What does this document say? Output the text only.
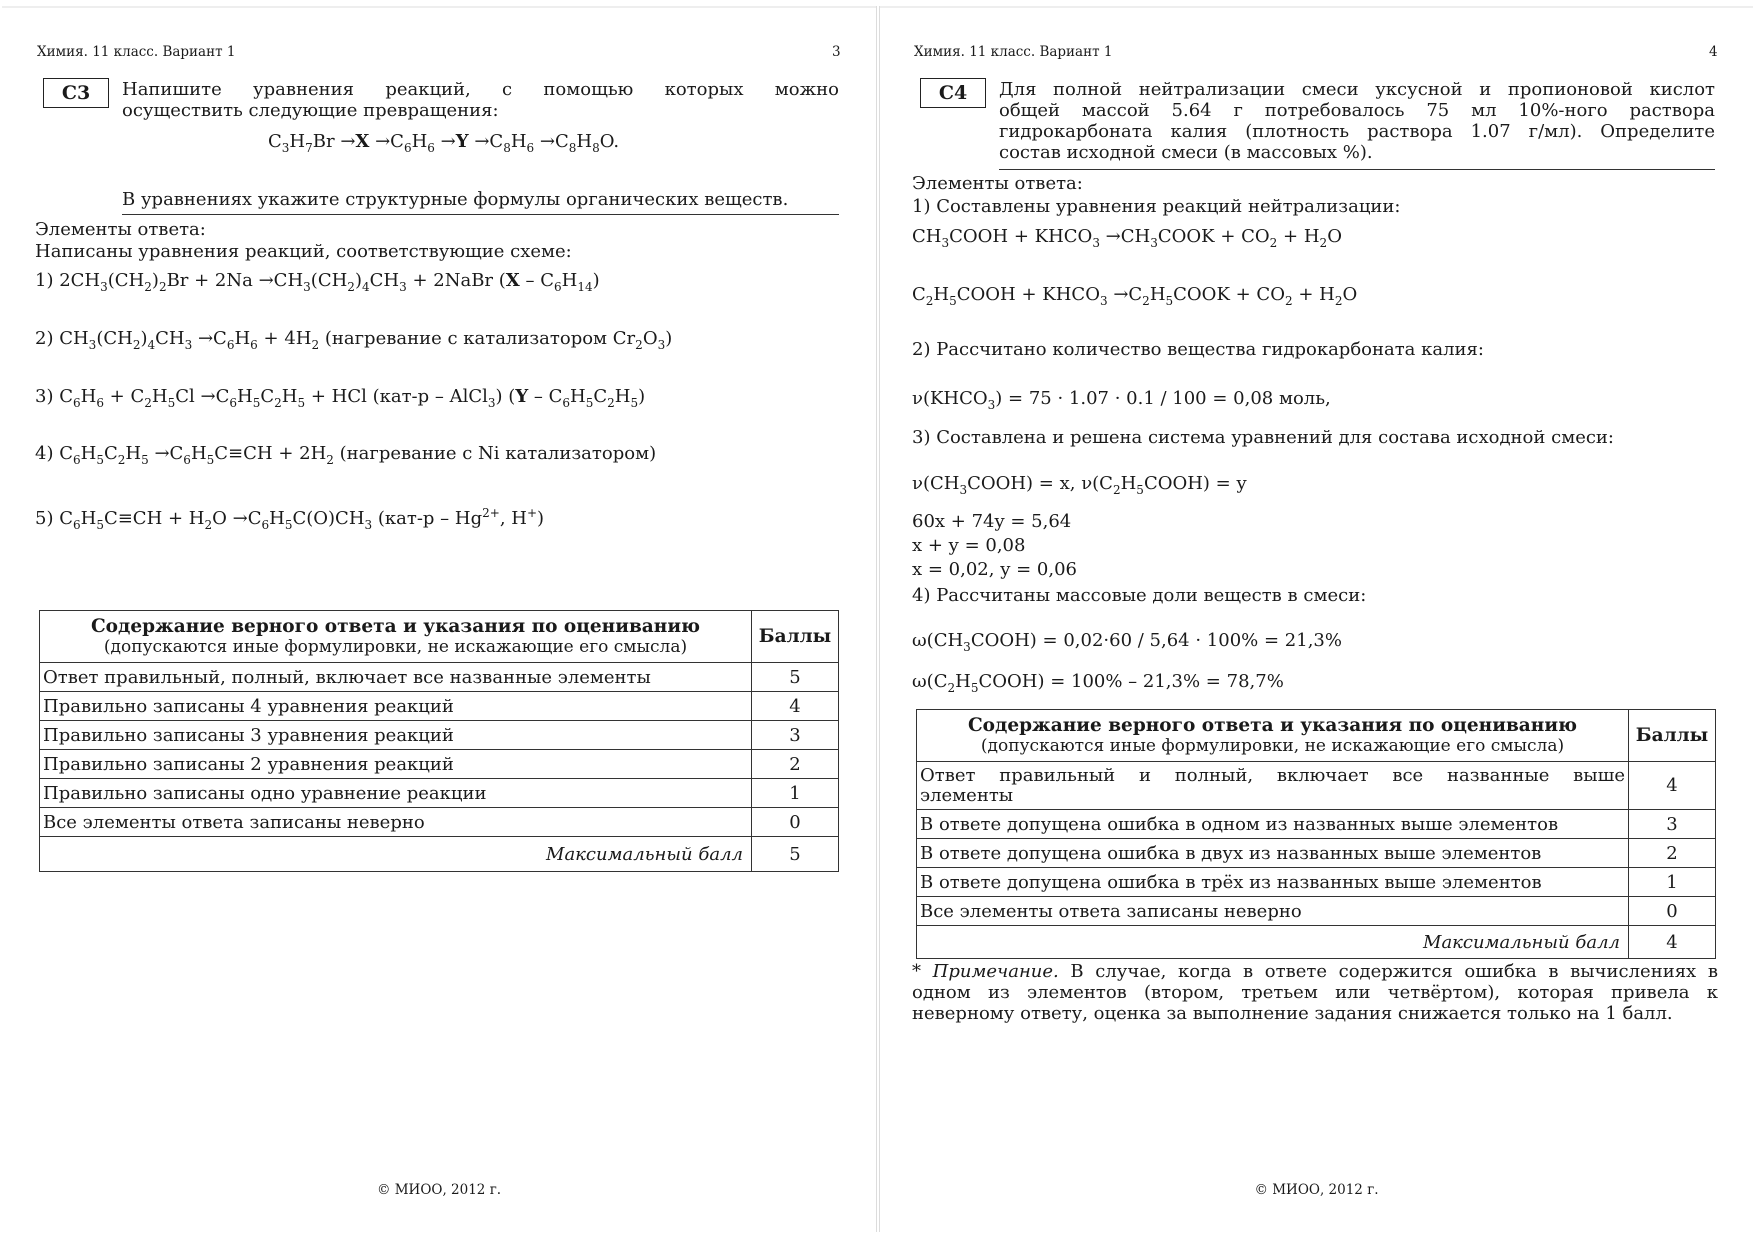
Химия. 11 класс. Вариант 1	3
С3	Напишите уравнения реакций, с помощью которых можно
осуществить следующие превращения:
$C_3H_7Br \to X \to C_6H_6 \to Y \to C_8H_6 \to C_8H_8O$.
В уравнениях укажите структурные формулы органических веществ.
Элементы ответа:
Написаны уравнения реакций, соответствующие схеме:
1) $2CH_3(CH_2)_2Br + 2Na \to CH_3(CH_2)_4CH_3$ + 2NaBr $(X - C_6H_{14})$
2) $CH_3(CH_2)_4CH_3 \to C_6H_6 + 4H_2$ (нагревание с катализатором $Cr_2O_3$)
3) $C_6H_6 + C_2H_5Cl \to C_6H_5C_2H_5$ + HCl (кат-р – AlCl$_3$) $(Y - C_6H_5C_2H_5)$
4) $C_6H_5C_2H_5 \to C_6H_5C\equiv CH + 2H_2$ (нагревание с Ni катализатором)
5) $C_6H_5C\equiv CH + H_2O \to C_6H_5C(O)CH_3$ ($кат-р - Hg^{2+}$, H+)
Содержание верного ответа и указания по оцениванию
(допускаются иные формулировки, не искажающие его смысла)	Баллы
Ответ правильный, полный, включает все названные элементы	5
Правильно записаны 4 уравнения реакций	4
Правильно записаны 3 уравнения реакций	3
Правильно записаны 2 уравнения реакций	2
Правильно записаны одно уравнение реакции	1
Все элементы ответа записаны неверно	0
Максимальный балл	5
© МИОО, 2012 г.
Химия. 11 класс. Вариант 1	4
С4	Для полной нейтрализации смеси уксусной и пропионовой кислот
общей массой 5.64 г потребовалось 75 мл 10%-ного раствора
гидрокарбоната калия (плотность раствора 1.07 г/мл). Определите
состав исходной смеси (в массовых %).
Элементы ответа:
1) Составлены уравнения реакций нейтрализации:
$CH_3COOH$ + $KHCO_3$ $\to CH_3COOK + CO_2 + H_2O$
$C_2H_5COOH$ + $KHCO_3$ $\to C_2H_5COOK + CO_2 + H_2O$
2) Рассчитано количество вещества гидрокарбоната калия:
$\nu(KHCO_3) = 75 \cdot 1.07 \cdot 0.1 / 100 = 0,08$ моль,
3) Составлена и решена система уравнений для состава исходной смеси:
$\nu(CH_3COOH) = x$, $\nu(C_2H_5COOH) = y$
60x + 74y = 5,64
x + y = 0,08
x = 0,02, y = 0,06
4) Рассчитаны массовые доли веществ в смеси:
$\omega(CH_3COOH) = 0,02\cdot 60 / 5,64 \cdot 100\% = 21,3\%$
$\omega(C_2H_5COOH) = 100\% - 21,3\% = 78,7\%$
Содержание верного ответа и указания по оцениванию
(допускаются иные формулировки, не искажающие его смысла)	Баллы

Ответ правильный и полный, включает все названные выше
элементы	4
В ответе допущена ошибка в одном из названных выше элементов	3
В ответе допущена ошибка в двух из названных выше элементов	2
В ответе допущена ошибка в трёх из названных выше элементов	1
Все элементы ответа записаны неверно	0
Максимальный балл	4
* Примечание. В случае, когда в ответе содержится ошибка в вычислениях в
одном из элементов (втором, третьем или четвёртом), которая привела к
неверному ответу, оценка за выполнение задания снижается только на 1 балл.
© МИОО, 2012 г.
